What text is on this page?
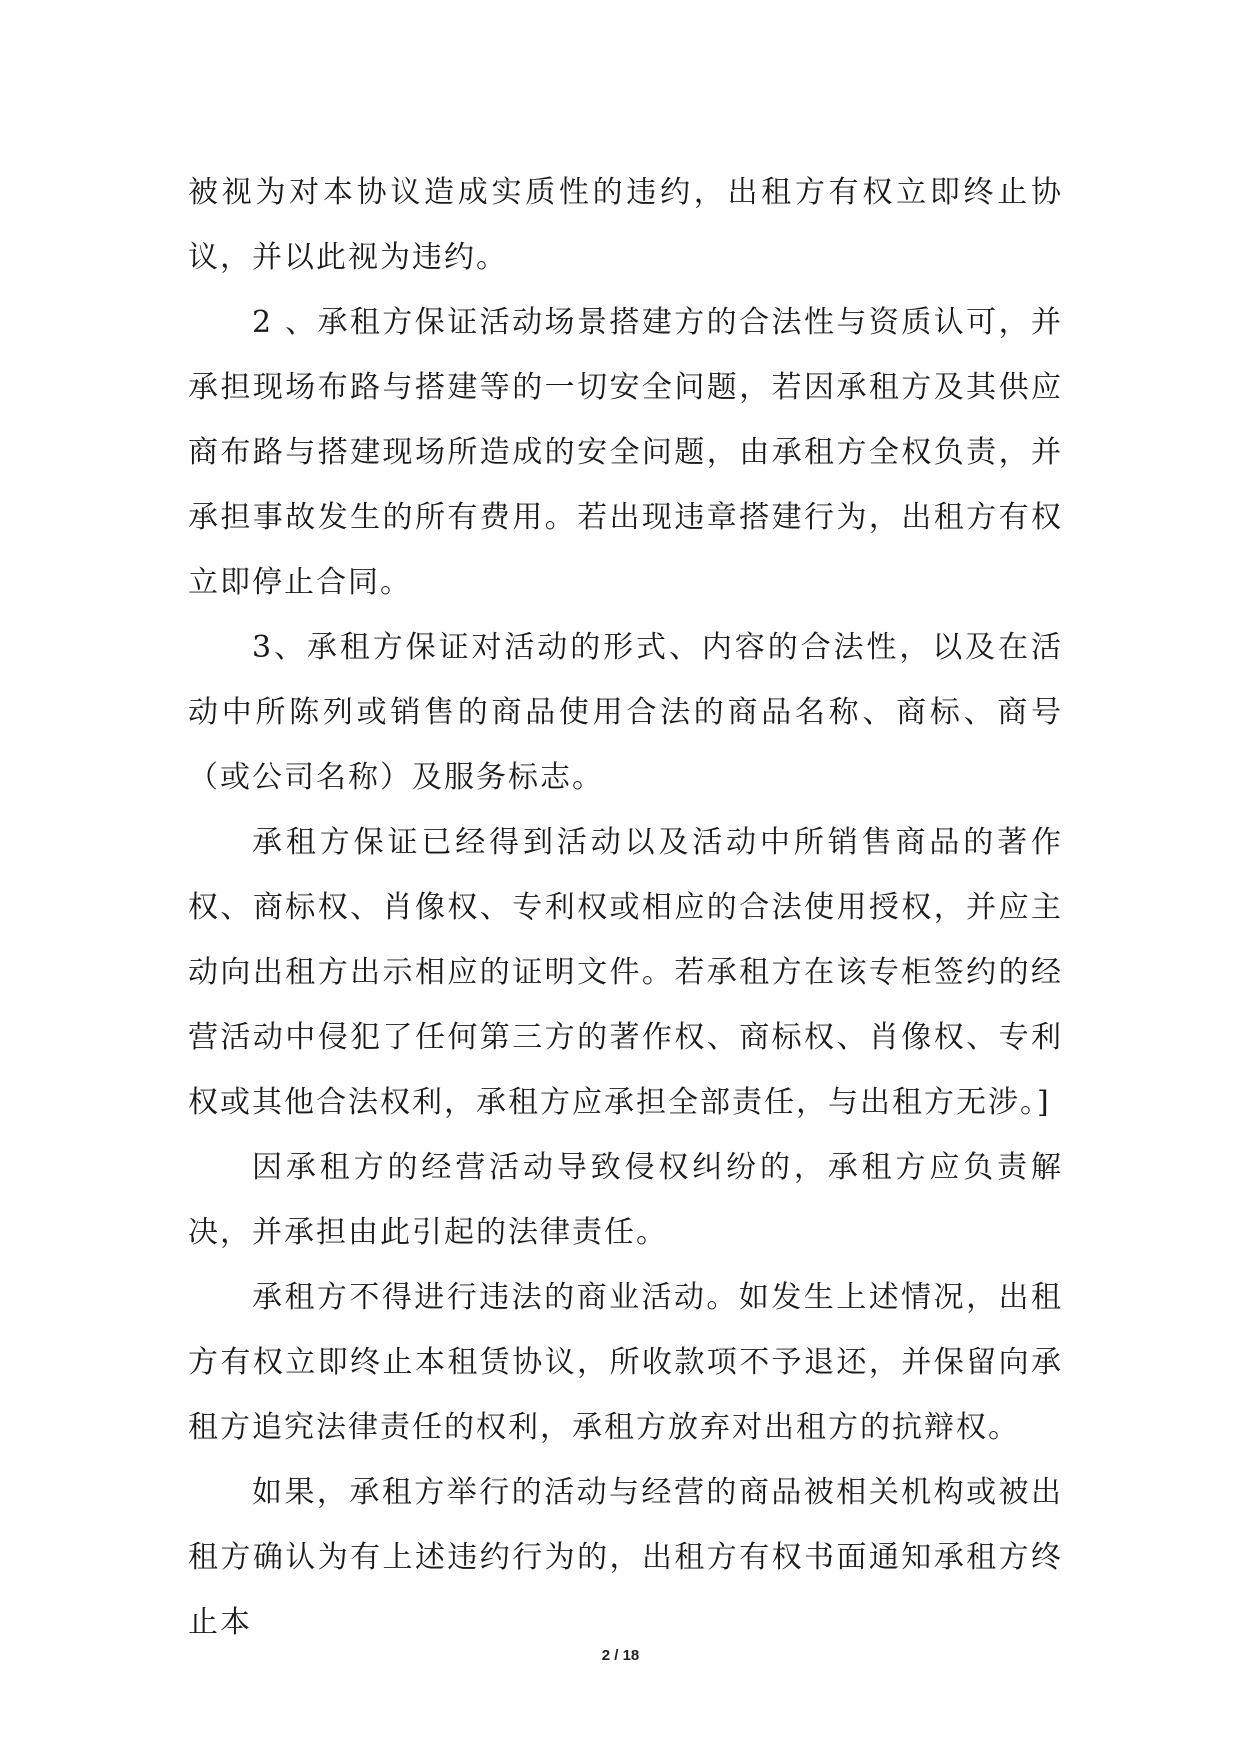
被视为对本协议造成实质性的违约，出租方有权立即终止协议，并以此视为违约。

2 、承租方保证活动场景搭建方的合法性与资质认可，并承担现场布路与搭建等的一切安全问题，若因承租方及其供应商布路与搭建现场所造成的安全问题，由承租方全权负责，并承担事故发生的所有费用。若出现违章搭建行为，出租方有权立即停止合同。

3、承租方保证对活动的形式、内容的合法性，以及在活动中所陈列或销售的商品使用合法的商品名称、商标、商号（或公司名称）及服务标志。

承租方保证已经得到活动以及活动中所销售商品的著作权、商标权、肖像权、专利权或相应的合法使用授权，并应主动向出租方出示相应的证明文件。若承租方在该专柜签约的经营活动中侵犯了任何第三方的著作权、商标权、肖像权、专利权或其他合法权利，承租方应承担全部责任，与出租方无涉。]

因承租方的经营活动导致侵权纠纷的，承租方应负责解决，并承担由此引起的法律责任。

承租方不得进行违法的商业活动。如发生上述情况，出租方有权立即终止本租赁协议，所收款项不予退还，并保留向承租方追究法律责任的权利，承租方放弃对出租方的抗辩权。

如果，承租方举行的活动与经营的商品被相关机构或被出租方确认为有上述违约行为的，出租方有权书面通知承租方终止本

2 / 18
